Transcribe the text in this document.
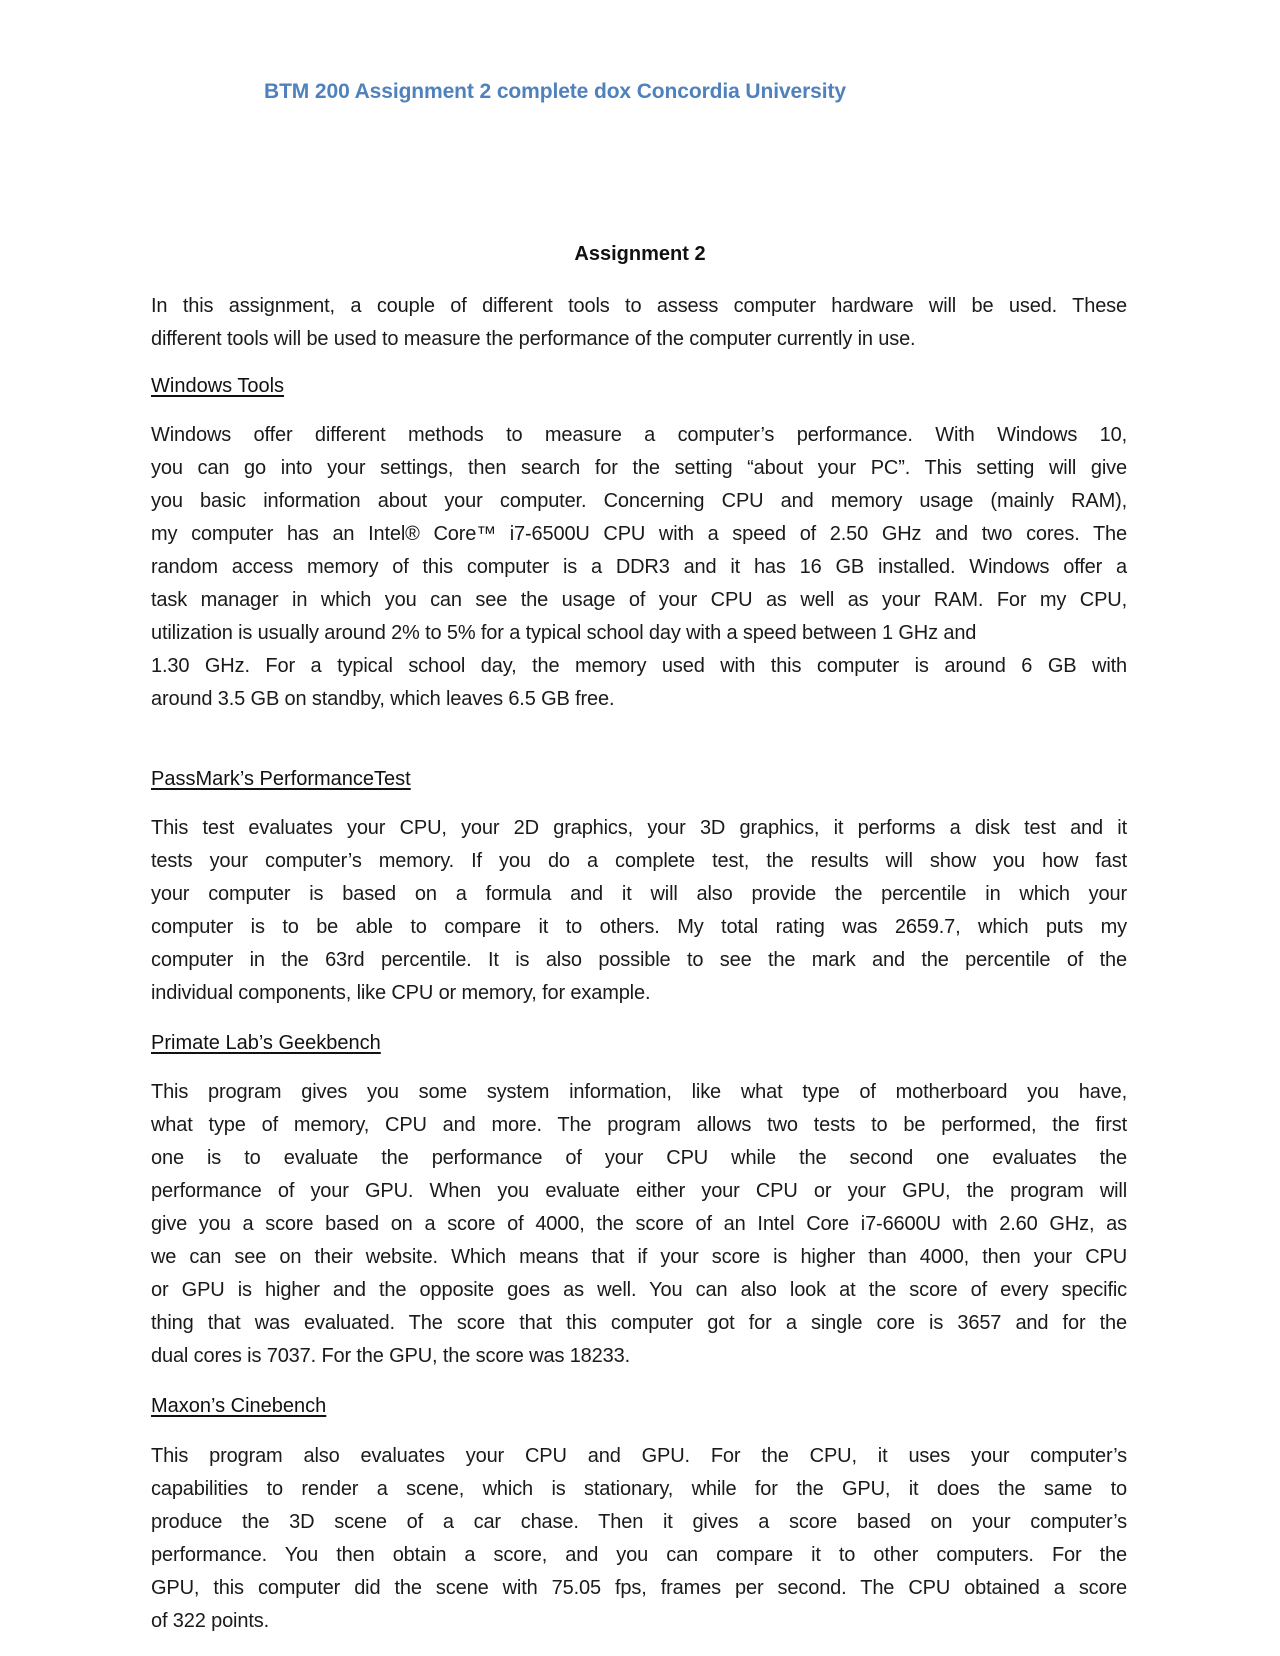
BTM 200 Assignment 2 complete dox Concordia University
Assignment 2
In this assignment, a couple of different tools to assess computer hardware will be used. These
different tools will be used to measure the performance of the computer currently in use.
Windows Tools
Windows offer different methods to measure a computer’s performance. With Windows 10,
you can go into your settings, then search for the setting “about your PC”. This setting will give
you basic information about your computer. Concerning CPU and memory usage (mainly RAM),
my computer has an Intel® Core™ i7-6500U CPU with a speed of 2.50 GHz and two cores. The
random access memory of this computer is a DDR3 and it has 16 GB installed. Windows offer a
task manager in which you can see the usage of your CPU as well as your RAM. For my CPU,
utilization is usually around 2% to 5% for a typical school day with a speed between 1 GHz and
1.30 GHz. For a typical school day, the memory used with this computer is around 6 GB with
around 3.5 GB on standby, which leaves 6.5 GB free.
PassMark’s PerformanceTest
This test evaluates your CPU, your 2D graphics, your 3D graphics, it performs a disk test and it
tests your computer’s memory. If you do a complete test, the results will show you how fast
your computer is based on a formula and it will also provide the percentile in which your
computer is to be able to compare it to others. My total rating was 2659.7, which puts my
computer in the 63rd percentile. It is also possible to see the mark and the percentile of the
individual components, like CPU or memory, for example.
Primate Lab’s Geekbench
This program gives you some system information, like what type of motherboard you have,
what type of memory, CPU and more. The program allows two tests to be performed, the first
one is to evaluate the performance of your CPU while the second one evaluates the
performance of your GPU. When you evaluate either your CPU or your GPU, the program will
give you a score based on a score of 4000, the score of an Intel Core i7-6600U with 2.60 GHz, as
we can see on their website. Which means that if your score is higher than 4000, then your CPU
or GPU is higher and the opposite goes as well. You can also look at the score of every specific
thing that was evaluated. The score that this computer got for a single core is 3657 and for the
dual cores is 7037. For the GPU, the score was 18233.
Maxon’s Cinebench
This program also evaluates your CPU and GPU. For the CPU, it uses your computer’s
capabilities to render a scene, which is stationary, while for the GPU, it does the same to
produce the 3D scene of a car chase. Then it gives a score based on your computer’s
performance. You then obtain a score, and you can compare it to other computers. For the
GPU, this computer did the scene with 75.05 fps, frames per second. The CPU obtained a score
of 322 points.
